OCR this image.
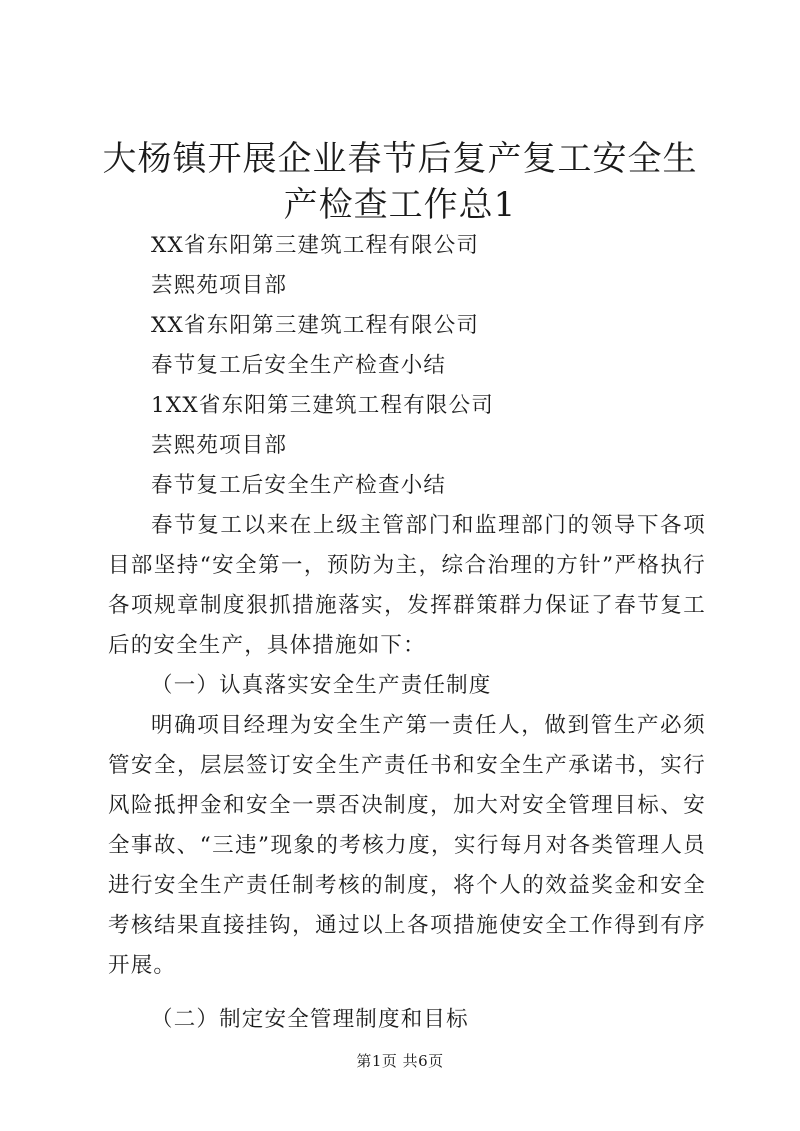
大杨镇开展企业春节后复产复工安全生产检查工作总1
XX省东阳第三建筑工程有限公司
芸熙苑项目部
XX省东阳第三建筑工程有限公司
春节复工后安全生产检查小结
1XX省东阳第三建筑工程有限公司
芸熙苑项目部
春节复工后安全生产检查小结

春节复工以来在上级主管部门和监理部门的领导下各项目部坚持“安全第一，预防为主，综合治理的方针”严格执行各项规章制度狠抓措施落实，发挥群策群力保证了春节复工后的安全生产，具体措施如下：

（一）认真落实安全生产责任制度

明确项目经理为安全生产第一责任人，做到管生产必须管安全，层层签订安全生产责任书和安全生产承诺书，实行风险抵押金和安全一票否决制度，加大对安全管理目标、安全事故、“三违”现象的考核力度，实行每月对各类管理人员进行安全生产责任制考核的制度，将个人的效益奖金和安全考核结果直接挂钩，通过以上各项措施使安全工作得到有序开展。

（二）制定安全管理制度和目标
第1页 共6页
